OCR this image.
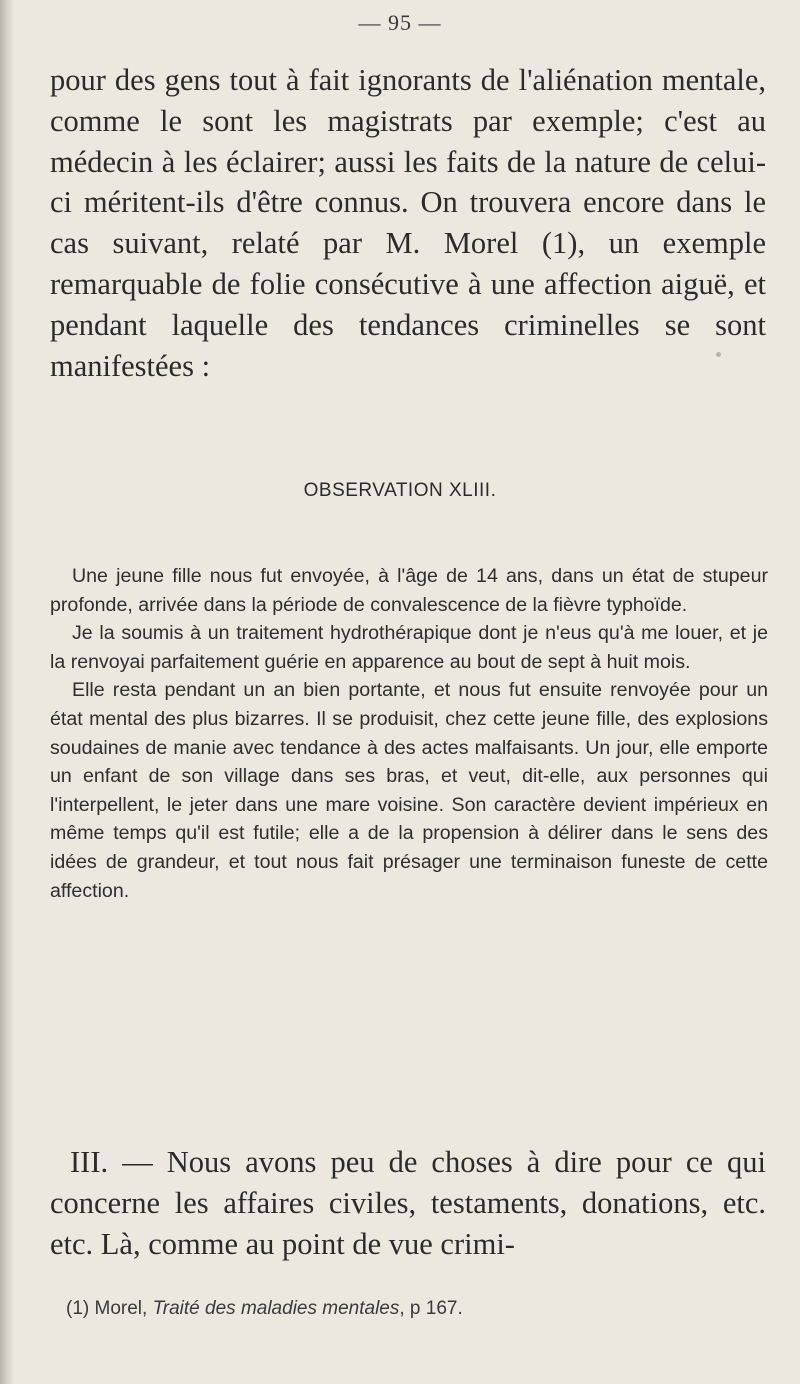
— 95 —
pour des gens tout à fait ignorants de l'aliénation mentale, comme le sont les magistrats par exemple; c'est au médecin à les éclairer; aussi les faits de la nature de celui-ci méritent-ils d'être connus. On trouvera encore dans le cas suivant, relaté par M. Morel (1), un exemple remarquable de folie consécutive à une affection aiguë, et pendant laquelle des tendances criminelles se sont manifestées :
OBSERVATION XLIII.

Une jeune fille nous fut envoyée, à l'âge de 14 ans, dans un état de stupeur profonde, arrivée dans la période de convalescence de la fièvre typhoïde.

Je la soumis à un traitement hydrothérapique dont je n'eus qu'à me louer, et je la renvoyai parfaitement guérie en apparence au bout de sept à huit mois.

Elle resta pendant un an bien portante, et nous fut ensuite renvoyée pour un état mental des plus bizarres. Il se produisit, chez cette jeune fille, des explosions soudaines de manie avec tendance à des actes malfaisants. Un jour, elle emporte un enfant de son village dans ses bras, et veut, dit-elle, aux personnes qui l'interpellent, le jeter dans une mare voisine. Son caractère devient impérieux en même temps qu'il est futile; elle a de la propension à délirer dans le sens des idées de grandeur, et tout nous fait présager une terminaison funeste de cette affection.

III. — Nous avons peu de choses à dire pour ce qui concerne les affaires civiles, testaments, donations, etc. etc. Là, comme au point de vue crimi-
(1) Morel, Traité des maladies mentales, p 167.
